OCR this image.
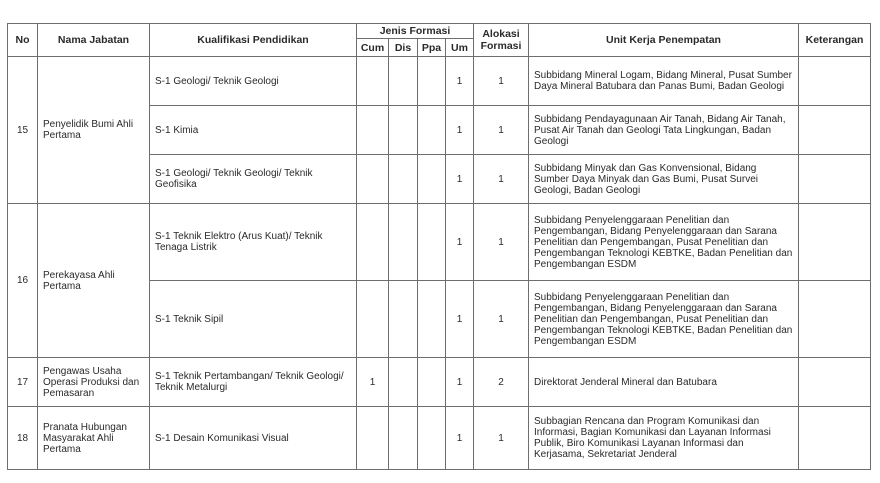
No	Nama Jabatan	Kualifikasi Pendidikan	Jenis Formasi				Alokasi Formasi	Unit Kerja Penempatan	Keterangan
			Cum	Dis	Ppa	Um			
15	Penyelidik Bumi Ahli Pertama	S-1 Geologi/ Teknik Geologi				1	1	Subbidang Mineral Logam, Bidang Mineral, Pusat Sumber Daya Mineral Batubara dan Panas Bumi, Badan Geologi	
		S-1 Kimia				1	1	Subbidang Pendayagunaan Air Tanah, Bidang Air Tanah, Pusat Air Tanah dan Geologi Tata Lingkungan, Badan Geologi	
		S-1 Geologi/ Teknik Geologi/ Teknik Geofisika				1	1	Subbidang Minyak dan Gas Konvensional, Bidang Sumber Daya Minyak dan Gas Bumi, Pusat Survei Geologi, Badan Geologi	
16	Perekayasa Ahli Pertama	S-1 Teknik Elektro (Arus Kuat)/ Teknik Tenaga Listrik				1	1	Subbidang Penyelenggaraan Penelitian dan Pengembangan, Bidang Penyelenggaraan dan Sarana Penelitian dan Pengembangan, Pusat Penelitian dan Pengembangan Teknologi KEBTKE, Badan Penelitian dan Pengembangan ESDM	
		S-1 Teknik Sipil				1	1	Subbidang Penyelenggaraan Penelitian dan Pengembangan, Bidang Penyelenggaraan dan Sarana Penelitian dan Pengembangan, Pusat Penelitian dan Pengembangan Teknologi KEBTKE, Badan Penelitian dan Pengembangan ESDM	
17	Pengawas Usaha Operasi Produksi dan Pemasaran	S-1 Teknik Pertambangan/ Teknik Geologi/ Teknik Metalurgi	1			1	2	Direktorat Jenderal Mineral dan Batubara	
18	Pranata Hubungan Masyarakat Ahli Pertama	S-1 Desain Komunikasi Visual				1	1	Subbagian Rencana dan Program Komunikasi dan Informasi, Bagian Komunikasi dan Layanan Informasi Publik, Biro Komunikasi Layanan Informasi dan Kerjasama, Sekretariat Jenderal	
